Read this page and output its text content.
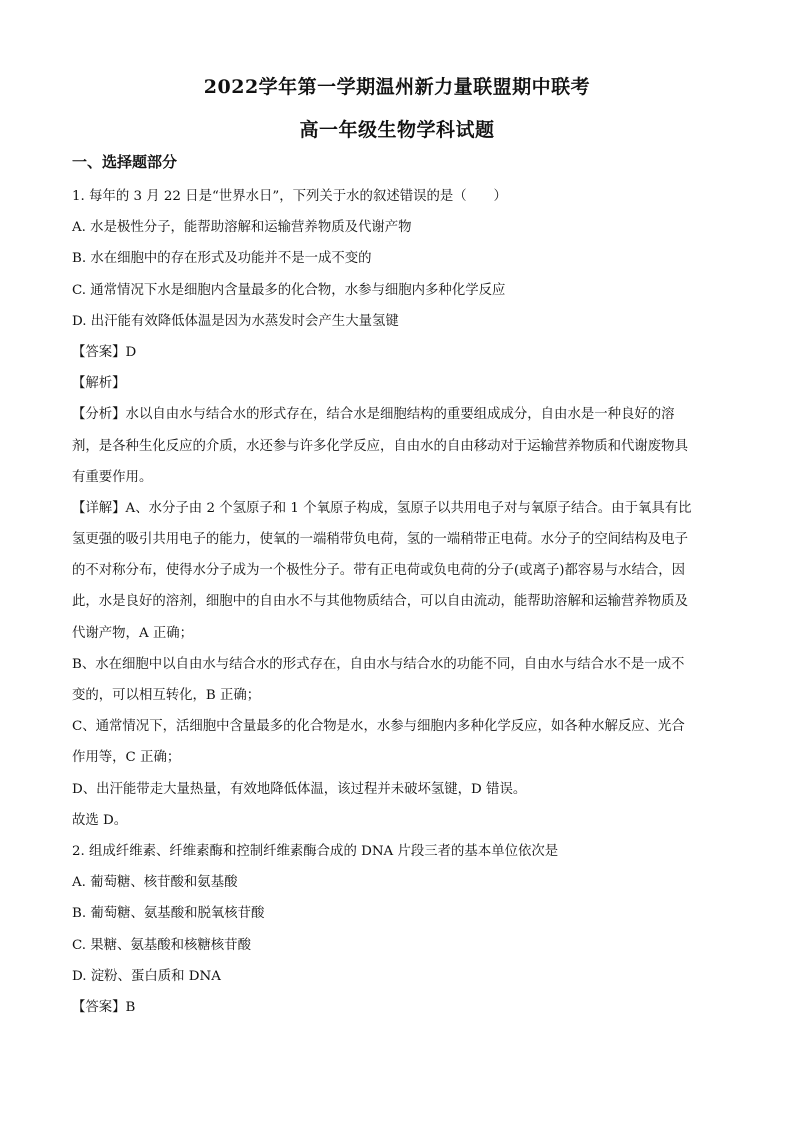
2022学年第一学期温州新力量联盟期中联考
高一年级生物学科试题
一、选择题部分
1. 每年的 3 月 22 日是“世界水日”，下列关于水的叙述错误的是（　　）
A. 水是极性分子，能帮助溶解和运输营养物质及代谢产物
B. 水在细胞中的存在形式及功能并不是一成不变的
C. 通常情况下水是细胞内含量最多的化合物，水参与细胞内多种化学反应
D. 出汗能有效降低体温是因为水蒸发时会产生大量氢键
【答案】D
【解析】
【分析】水以自由水与结合水的形式存在，结合水是细胞结构的重要组成成分，自由水是一种良好的溶
剂，是各种生化反应的介质，水还参与许多化学反应，自由水的自由移动对于运输营养物质和代谢废物具
有重要作用。
【详解】A、水分子由 2 个氢原子和 1 个氧原子构成，氢原子以共用电子对与氧原子结合。由于氧具有比
氢更强的吸引共用电子的能力，使氧的一端稍带负电荷，氢的一端稍带正电荷。水分子的空间结构及电子
的不对称分布，使得水分子成为一个极性分子。带有正电荷或负电荷的分子(或离子)都容易与水结合，因
此，水是良好的溶剂，细胞中的自由水不与其他物质结合，可以自由流动，能帮助溶解和运输营养物质及
代谢产物，A 正确；
B、水在细胞中以自由水与结合水的形式存在，自由水与结合水的功能不同，自由水与结合水不是一成不
变的，可以相互转化，B 正确；
C、通常情况下，活细胞中含量最多的化合物是水，水参与细胞内多种化学反应，如各种水解反应、光合
作用等，C 正确；
D、出汗能带走大量热量，有效地降低体温，该过程并未破坏氢键，D 错误。
故选 D。
2. 组成纤维素、纤维素酶和控制纤维素酶合成的 DNA 片段三者的基本单位依次是
A. 葡萄糖、核苷酸和氨基酸
B. 葡萄糖、氨基酸和脱氧核苷酸
C. 果糖、氨基酸和核糖核苷酸
D. 淀粉、蛋白质和 DNA
【答案】B
